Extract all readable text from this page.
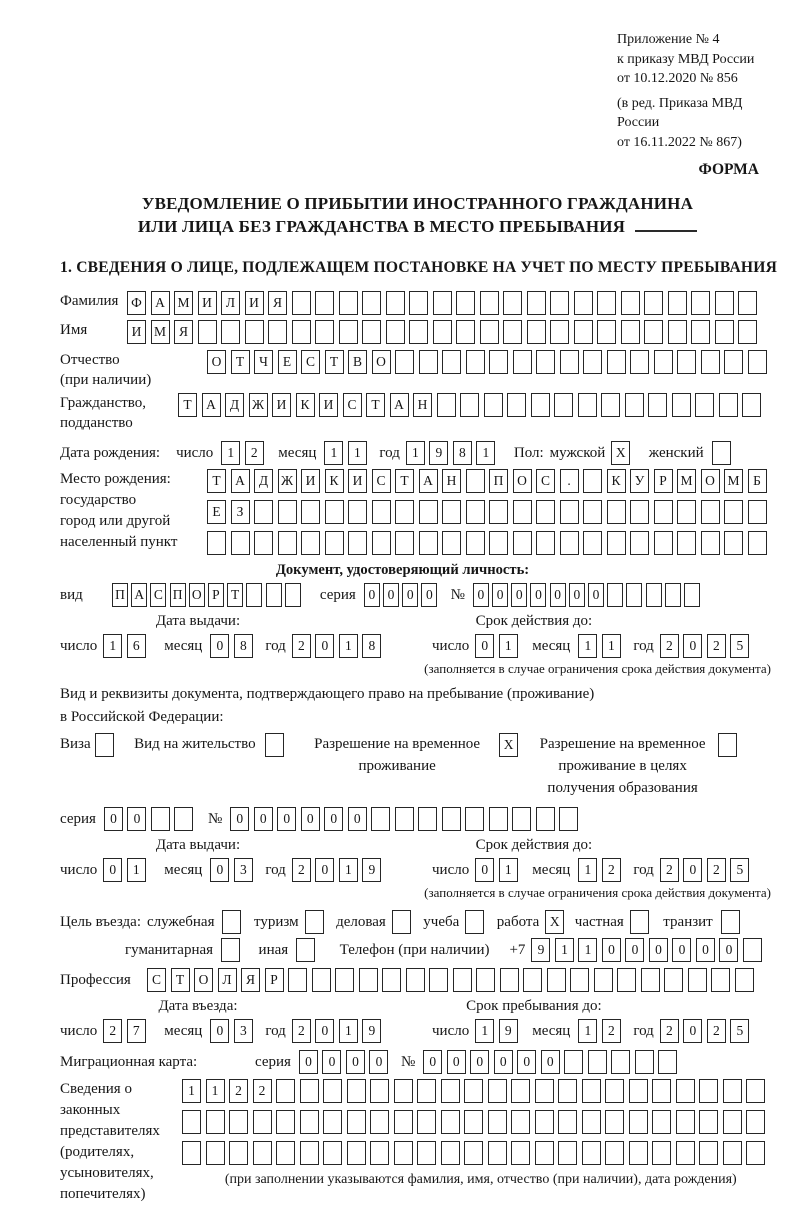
Приложение № 4
к приказу МВД России
от 10.12.2020 № 856
(в ред. Приказа МВД России
от 16.11.2022 № 867)
ФОРМА
УВЕДОМЛЕНИЕ О ПРИБЫТИИ ИНОСТРАННОГО ГРАЖДАНИНА
ИЛИ ЛИЦА БЕЗ ГРАЖДАНСТВА В МЕСТО ПРЕБЫВАНИЯ
1. СВЕДЕНИЯ О ЛИЦЕ, ПОДЛЕЖАЩЕМ ПОСТАНОВКЕ НА УЧЕТ ПО МЕСТУ ПРЕБЫВАНИЯ
Фамилия Ф А М И	Л	И	Я
Имя	И М Я
Отчество
(при наличии)
О	Т	Ч	Е	С	Т	В	О
Гражданство,
подданство
Т	А	Д Ж И	К	И	С	Т	А	Н
Дата рождения: число	1	2	месяц	1	1	год 1	9	8	1	Пол: мужской X	женский
Место рождения:
государство
город или другой
населенный пункт
Т	А	Д Ж И	К	И	С	Т	А	Н	П	О	С	.	К	У	Р	М О М	Б
Е	З
Документ, удостоверяющий личность:
вид	П А С П О Р Т	серия 0 0 0 0	№ 0 0 0 0 0 0 0
Дата выдачи:
число 1	6	месяц	0	8	год 2	0	1	8
Срок действия до:
число 0	1	месяц	1	1	год 2	0	2	5
(заполняется в случае ограничения срока действия документа)
Вид и реквизиты документа, подтверждающего право на пребывание (проживание)
в Российской Федерации:
Виза	Вид на жительство	Разрешение на временное проживание
X	Разрешение на временное проживание в целях получения образования
серия	0	0	№	0	0	0	0	0	0
Дата выдачи:
число 0	1	месяц	0	3	год 2	0	1	9
Срок действия до:
число 0	1	месяц	1	2	год 2	0	2	5
(заполняется в случае ограничения срока действия документа)
Цель въезда: служебная	туризм	деловая	учеба	работа X	частная	транзит
гуманитарная	иная	Телефон (при наличии) +7 9	1	1	0	0	0	0	0	0
Профессия	С	Т	О	Л	Я	Р
Дата въезда:
число 2	7	месяц	0	3	год 2	0	1	9
Срок пребывания до:
число 1	9	месяц	1	2	год 2	0	2	5
Миграционная карта:	серия	0	0	0	0	№	0	0	0	0	0	0
Сведения о
законных
представителях
(родителях,
усыновителях,
попечителях)
1	1	2	2
(при заполнении указываются фамилия, имя, отчество (при наличии), дата рождения)
